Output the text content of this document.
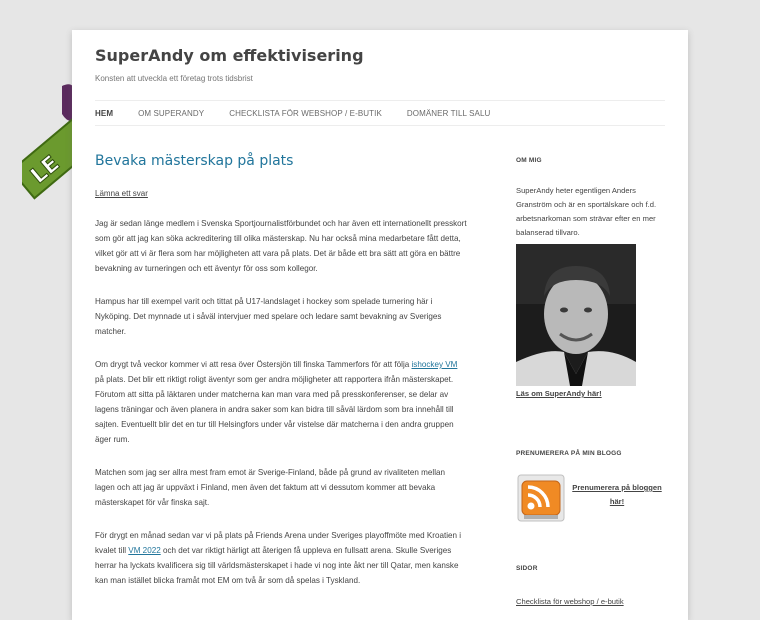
LE
SuperAndy om effektivisering

Konsten att utveckla ett företag trots tidsbrist

HEM	OM SUPERANDY	CHECKLISTA FÖR WEBSHOP / E-BUTIK	DOMÄNER TILL SALU
Bevaka mästerskap på plats
Lämna ett svar

Jag är sedan länge medlem i Svenska Sportjournalistförbundet och har även ett internationellt presskort som gör att jag kan söka ackreditering till olika mästerskap. Nu har också mina medarbetare fått detta, vilket gör att vi är flera som har möjligheten att vara på plats. Det är både ett bra sätt att göra en bättre bevakning av turneringen och ett äventyr för oss som kollegor.

Hampus har till exempel varit och tittat på U17-landslaget i hockey som spelade turnering här i Nyköping. Det mynnade ut i såväl intervjuer med spelare och ledare samt bevakning av Sveriges matcher.

Om drygt två veckor kommer vi att resa över Östersjön till finska Tammerfors för att följa ishockey VM på plats. Det blir ett riktigt roligt äventyr som ger andra möjligheter att rapportera ifrån mästerskapet. Förutom att sitta på läktaren under matcherna kan man vara med på presskonferenser, se delar av lagens träningar och även planera in andra saker som kan bidra till såväl lärdom som bra innehåll till sajten. Eventuellt blir det en tur till Helsingfors under vår vistelse där matcherna i den andra gruppen äger rum.

Matchen som jag ser allra mest fram emot är Sverige-Finland, både på grund av rivaliteten mellan lagen och att jag är uppväxt i Finland, men även det faktum att vi dessutom kommer att bevaka mästerskapet för vår finska sajt.

För drygt en månad sedan var vi på plats på Friends Arena under Sveriges playoffmöte med Kroatien i kvalet till VM 2022 och det var riktigt härligt att återigen få uppleva en fullsatt arena. Skulle Sveriges herrar ha lyckats kvalificera sig till världsmästerskapet i hade vi nog inte åkt ner till Qatar, men kanske kan man istället blicka framåt mot EM om två år som då spelas i Tyskland.

OM MIG

SuperAndy heter egentligen Anders Granström och är en sportälskare och f.d. arbetsnarkoman som strävar efter en mer balanserad tillvaro.

Läs om SuperAndy här!
PRENUMERERA PÅ MIN BLOGG
Prenumerera på bloggen här!
SIDOR
Checklista för webshop / e-butik
